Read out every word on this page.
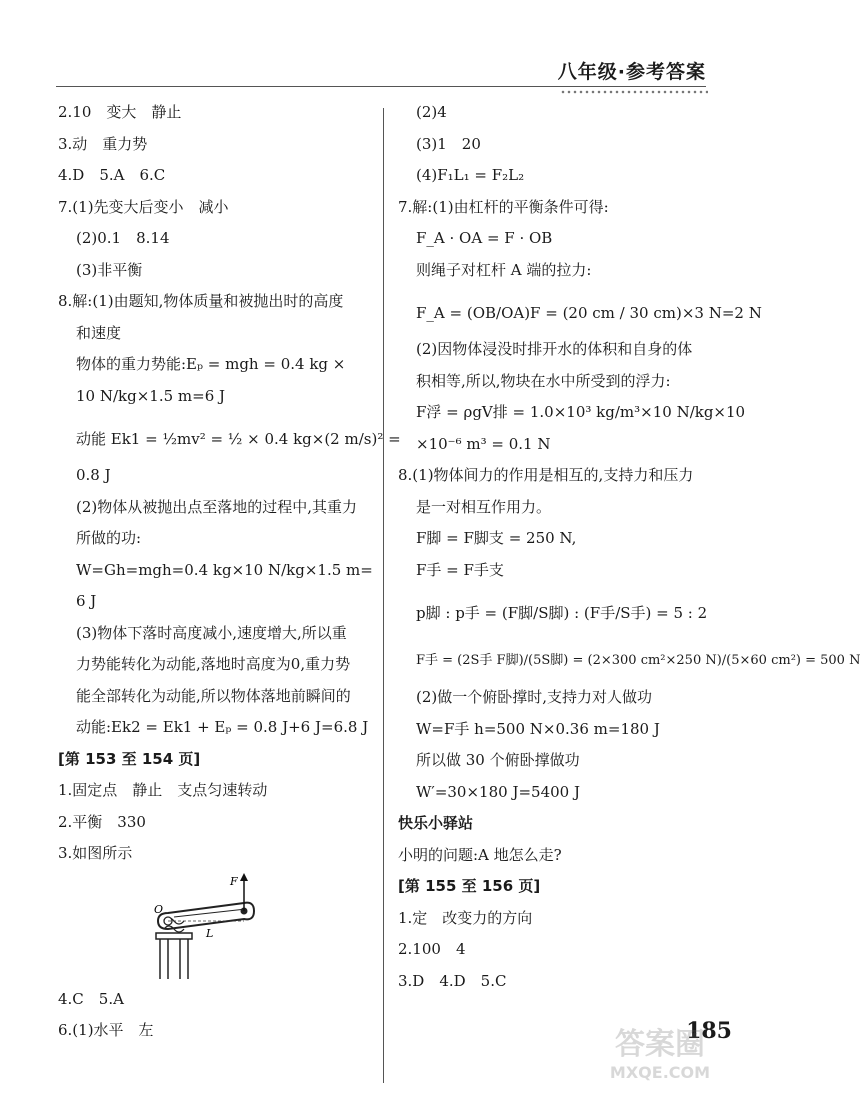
八年级·参考答案
2.10　变大　静止
3.动　重力势
4.D　5.A　6.C
7.(1)先变大后变小　减小
(2)0.1　8.14
(3)非平衡
8.解:(1)由题知,物体质量和被抛出时的高度
和速度
物体的重力势能:Eₚ = mgh = 0.4 kg ×
10 N/kg×1.5 m=6 J
动能 Ek1 = ½mv² = ½ × 0.4 kg×(2 m/s)² =
0.8 J
(2)物体从被抛出点至落地的过程中,其重力
所做的功:
W=Gh=mgh=0.4 kg×10 N/kg×1.5 m=
6 J
(3)物体下落时高度减小,速度增大,所以重
力势能转化为动能,落地时高度为0,重力势
能全部转化为动能,所以物体落地前瞬间的
动能:Ek2 = Ek1 + Eₚ = 0.8 J+6 J=6.8 J
[第 153 至 154 页]
1.固定点　静止　支点匀速转动
2.平衡　330
3.如图所示
F
O
L
4.C　5.A
6.(1)水平　左
(2)4
(3)1　20
(4)F₁L₁ = F₂L₂
7.解:(1)由杠杆的平衡条件可得:
F_A · OA = F · OB
则绳子对杠杆 A 端的拉力:
F_A = (OB/OA)F = (20 cm / 30 cm)×3 N=2 N
(2)因物体浸没时排开水的体积和自身的体
积相等,所以,物块在水中所受到的浮力:
F浮 = ρgV排 = 1.0×10³ kg/m³×10 N/kg×10
×10⁻⁶ m³ = 0.1 N
8.(1)物体间力的作用是相互的,支持力和压力
是一对相互作用力。
F脚 = F脚支 = 250 N,
F手 = F手支
p脚 : p手 = (F脚/S脚) : (F手/S手) = 5 : 2
F手 = (2S手 F脚)/(5S脚) = (2×300 cm²×250 N)/(5×60 cm²) = 500 N
(2)做一个俯卧撑时,支持力对人做功
W=F手 h=500 N×0.36 m=180 J
所以做 30 个俯卧撑做功
W′=30×180 J=5400 J
快乐小驿站
小明的问题:A 地怎么走?
[第 155 至 156 页]
1.定　改变力的方向
2.100　4
3.D　4.D　5.C
185
答案圈
MXQE.COM
